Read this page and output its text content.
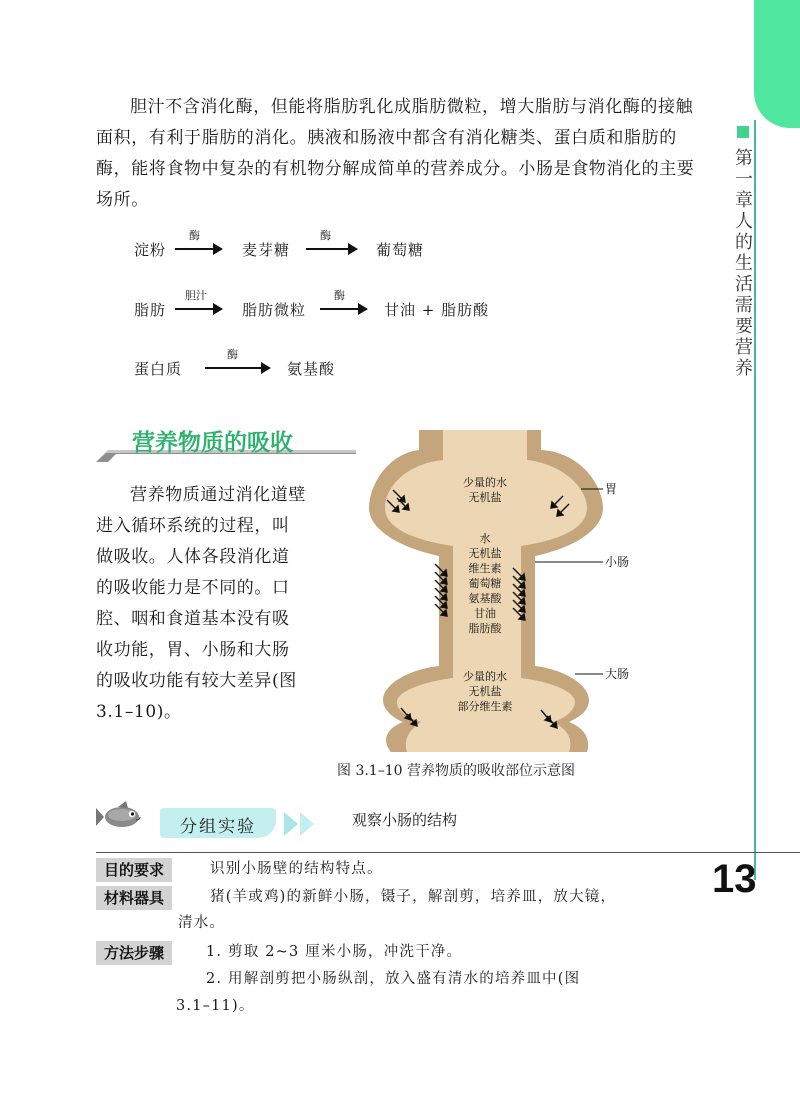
第一章 人的生活需要营养
13
胆汁不含消化酶，但能将脂肪乳化成脂肪微粒，增大脂肪与消化酶的接触面积，有利于脂肪的消化。胰液和肠液中都含有消化糖类、蛋白质和脂肪的酶，能将食物中复杂的有机物分解成简单的营养成分。小肠是食物消化的主要场所。
淀粉
酶
麦芽糖
酶
葡萄糖
脂肪
胆汁
脂肪微粒
酶
甘油 + 脂肪酸
蛋白质
酶
氨基酸
营养物质的吸收
营养物质通过消化道壁进入循环系统的过程，叫做吸收。人体各段消化道的吸收能力是不同的。口腔、咽和食道基本没有吸收功能，胃、小肠和大肠的吸收功能有较大差异(图 3.1–10)。
少量的水
无机盐
水
无机盐
维生素
葡萄糖
氨基酸
甘油
脂肪酸
少量的水
无机盐
部分维生素
胃
小肠
大肠
图 3.1–10 营养物质的吸收部位示意图
分组实验	观察小肠的结构
目的要求	识别小肠壁的结构特点。
材料器具	猪(羊或鸡)的新鲜小肠，镊子，解剖剪，培养皿，放大镜，
清水。
方法步骤	1. 剪取 2~3 厘米小肠，冲洗干净。
2. 用解剖剪把小肠纵剖，放入盛有清水的培养皿中(图
3.1–11)。
